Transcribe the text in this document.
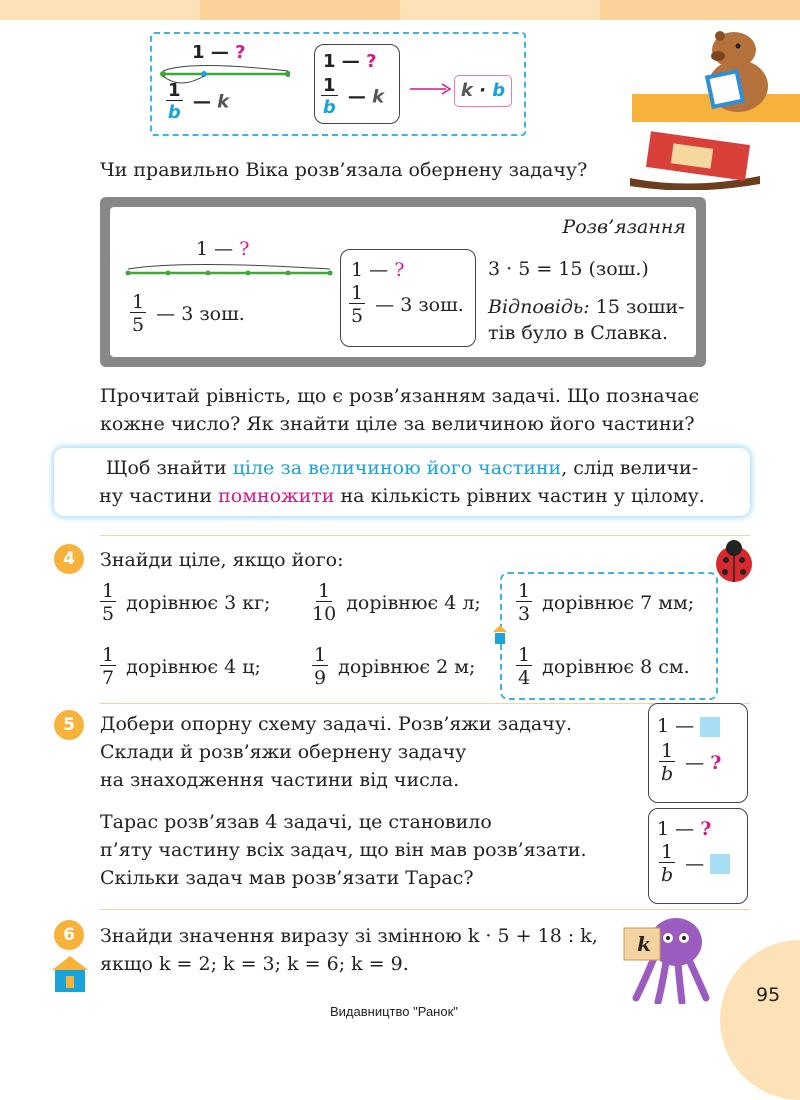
1 — ?
$\frac{1}{b}$ — k
1 — ?
$\frac{1}{b}$ — k	k · b
Чи правильно Віка розв’язала обернену задачу?
Розв’язання
1 — ?
$\frac{1}{5}$ — 3 зош.
1 — ?
$\frac{1}{5}$ — 3 зош.
3 · 5 = 15 (зош.)
Відповідь: 15 зоши-
тів було в Славка.
Прочитай рівність, що є розв’язанням задачі. Що позначає
кожне число? Як знайти ціле за величиною його частини?
Щоб знайти ціле за величиною його частини, слід величи-
ну частини помножити на кількість рівних частин у цілому.
4	Знайди ціле, якщо його:
$\frac{1}{5}$ дорівнює 3 кг; $\frac{1}{10}$ дорівнює 4 л; $\frac{1}{3}$ дорівнює 7 мм;
$\frac{1}{7}$ дорівнює 4 ц;	$\frac{1}{9}$ дорівнює 2 м; $\frac{1}{4}$ дорівнює 8 см.
5	Добери опорну схему задачі. Розв’яжи задачу.
Склади й розв’яжи обернену задачу
на знаходження частини від числа.
Тарас розв’язав 4 задачі, це становило
п’яту частину всіх задач, що він мав розв’язати.
Скільки задач мав розв’язати Тарас?
1 —
$\frac{1}{b}$ — ?
1 — ?
$\frac{1}{b}$ —
6	Знайди значення виразу зі змінною k · 5 + 18 : k,
якщо k = 2; k = 3; k = 6; k = 9.
k
95
Видавництво "Ранок"
